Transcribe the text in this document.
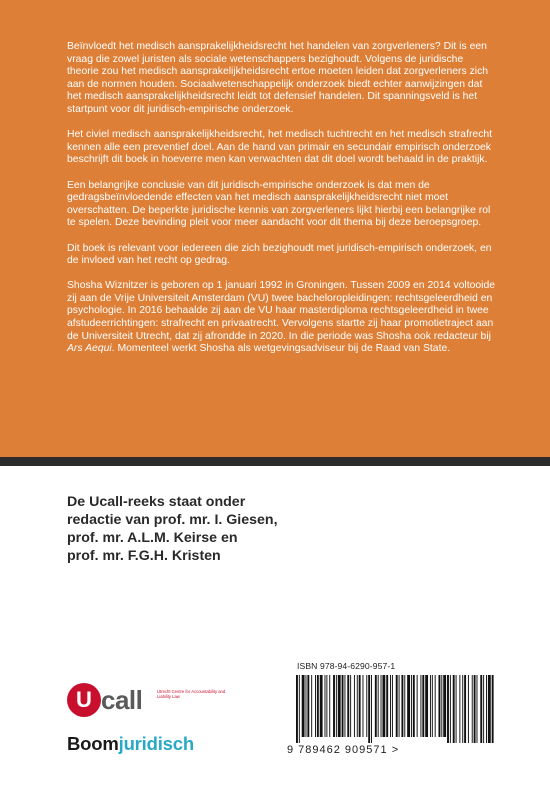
Beïnvloedt het medisch aansprakelijkheidsrecht het handelen van zorgverleners? Dit is een vraag die zowel juristen als sociale wetenschappers bezighoudt. Volgens de juridische theorie zou het medisch aansprakelijkheidsrecht ertoe moeten leiden dat zorgverleners zich aan de normen houden. Sociaalwetenschappelijk onderzoek biedt echter aanwijzingen dat het medisch aansprakelijkheidsrecht leidt tot defensief handelen. Dit spanningsveld is het startpunt voor dit juridisch-empirische onderzoek.

Het civiel medisch aansprakelijkheidsrecht, het medisch tuchtrecht en het medisch strafrecht kennen alle een preventief doel. Aan de hand van primair en secundair empirisch onderzoek beschrijft dit boek in hoeverre men kan verwachten dat dit doel wordt behaald in de praktijk.

Een belangrijke conclusie van dit juridisch-empirische onderzoek is dat men de gedragsbeïnvloedende effecten van het medisch aansprakelijkheidsrecht niet moet overschatten. De beperkte juridische kennis van zorgverleners lijkt hierbij een belangrijke rol te spelen. Deze bevinding pleit voor meer aandacht voor dit thema bij deze beroepsgroep.

Dit boek is relevant voor iedereen die zich bezighoudt met juridisch-empirisch onderzoek, en de invloed van het recht op gedrag.

Shosha Wiznitzer is geboren op 1 januari 1992 in Groningen. Tussen 2009 en 2014 voltooide zij aan de Vrije Universiteit Amsterdam (VU) twee bacheloropleidingen: rechtsgeleerdheid en psychologie. In 2016 behaalde zij aan de VU haar masterdiploma rechtsgeleerdheid in twee afstudeerrichtingen: strafrecht en privaatrecht. Vervolgens startte zij haar promotietraject aan de Universiteit Utrecht, dat zij afrondde in 2020. In die periode was Shosha ook redacteur bij Ars Aequi. Momenteel werkt Shosha als wetgevingsadviseur bij de Raad van State.

De Ucall-reeks staat onder
redactie van prof. mr. I. Giesen,
prof. mr. A.L.M. Keirse en
prof. mr. F.G.H. Kristen
ISBN 978-94-6290-957-1
9 789462 909571 >
U call	Utrecht Centre for Accountability and Liability Law
Boomjuridisch
